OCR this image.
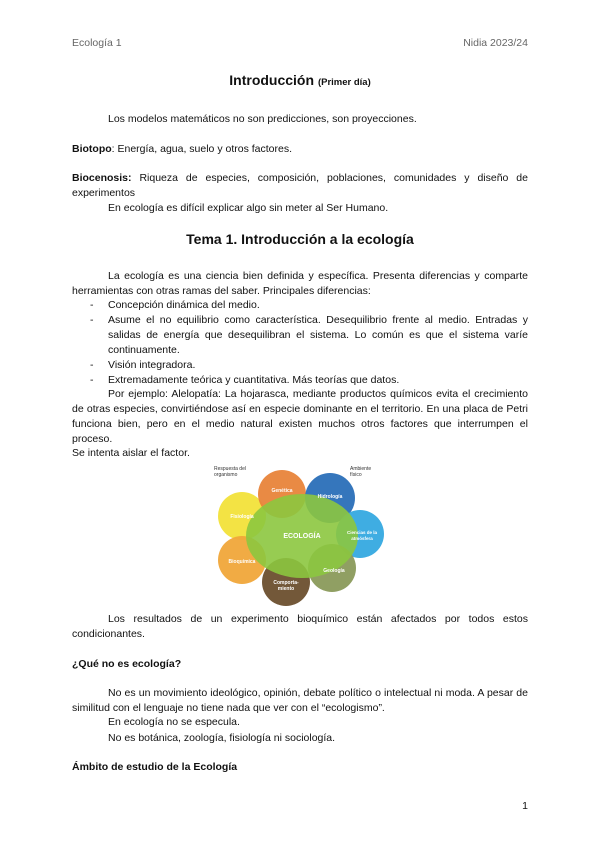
Ecología 1	Nidia 2023/24
Introducción (Primer día)
Los modelos matemáticos no son predicciones, son proyecciones.
Biotopo: Energía, agua, suelo y otros factores.
Biocenosis: Riqueza de especies, composición, poblaciones, comunidades y diseño de experimentos
En ecología es difícil explicar algo sin meter al Ser Humano.
Tema 1. Introducción a la ecología
La ecología es una ciencia bien definida y específica. Presenta diferencias y comparte herramientas con otras ramas del saber. Principales diferencias:
- Concepción dinámica del medio.
- Asume el no equilibrio como característica. Desequilibrio frente al medio. Entradas y salidas de energía que desequilibran el sistema. Lo común es que el sistema varíe continuamente.
- Visión integradora.
- Extremadamente teórica y cuantitativa. Más teorías que datos.
Por ejemplo: Alelopatía: La hojarasca, mediante productos químicos evita el crecimiento de otras especies, convirtiéndose así en especie dominante en el territorio. En una placa de Petri funciona bien, pero en el medio natural existen muchos otros factores que interrumpen el proceso.
Se intenta aislar el factor.
Los resultados de un experimento bioquímico están afectados por todos estos condicionantes.
¿Qué no es ecología?
No es un movimiento ideológico, opinión, debate político o intelectual ni moda. A pesar de similitud con el lenguaje no tiene nada que ver con el “ecologismo”.
En ecología no se especula.
No es botánica, zoología, fisiología ni sociología.
Ámbito de estudio de la Ecología
Respuesta del
organismo
Ambiente
físico
ECOLOGÍA
Genética
Hidrología
Ciencias de la
atmósfera
Geología
Comporta-
miento
Bioquímica
Fisiología
1
